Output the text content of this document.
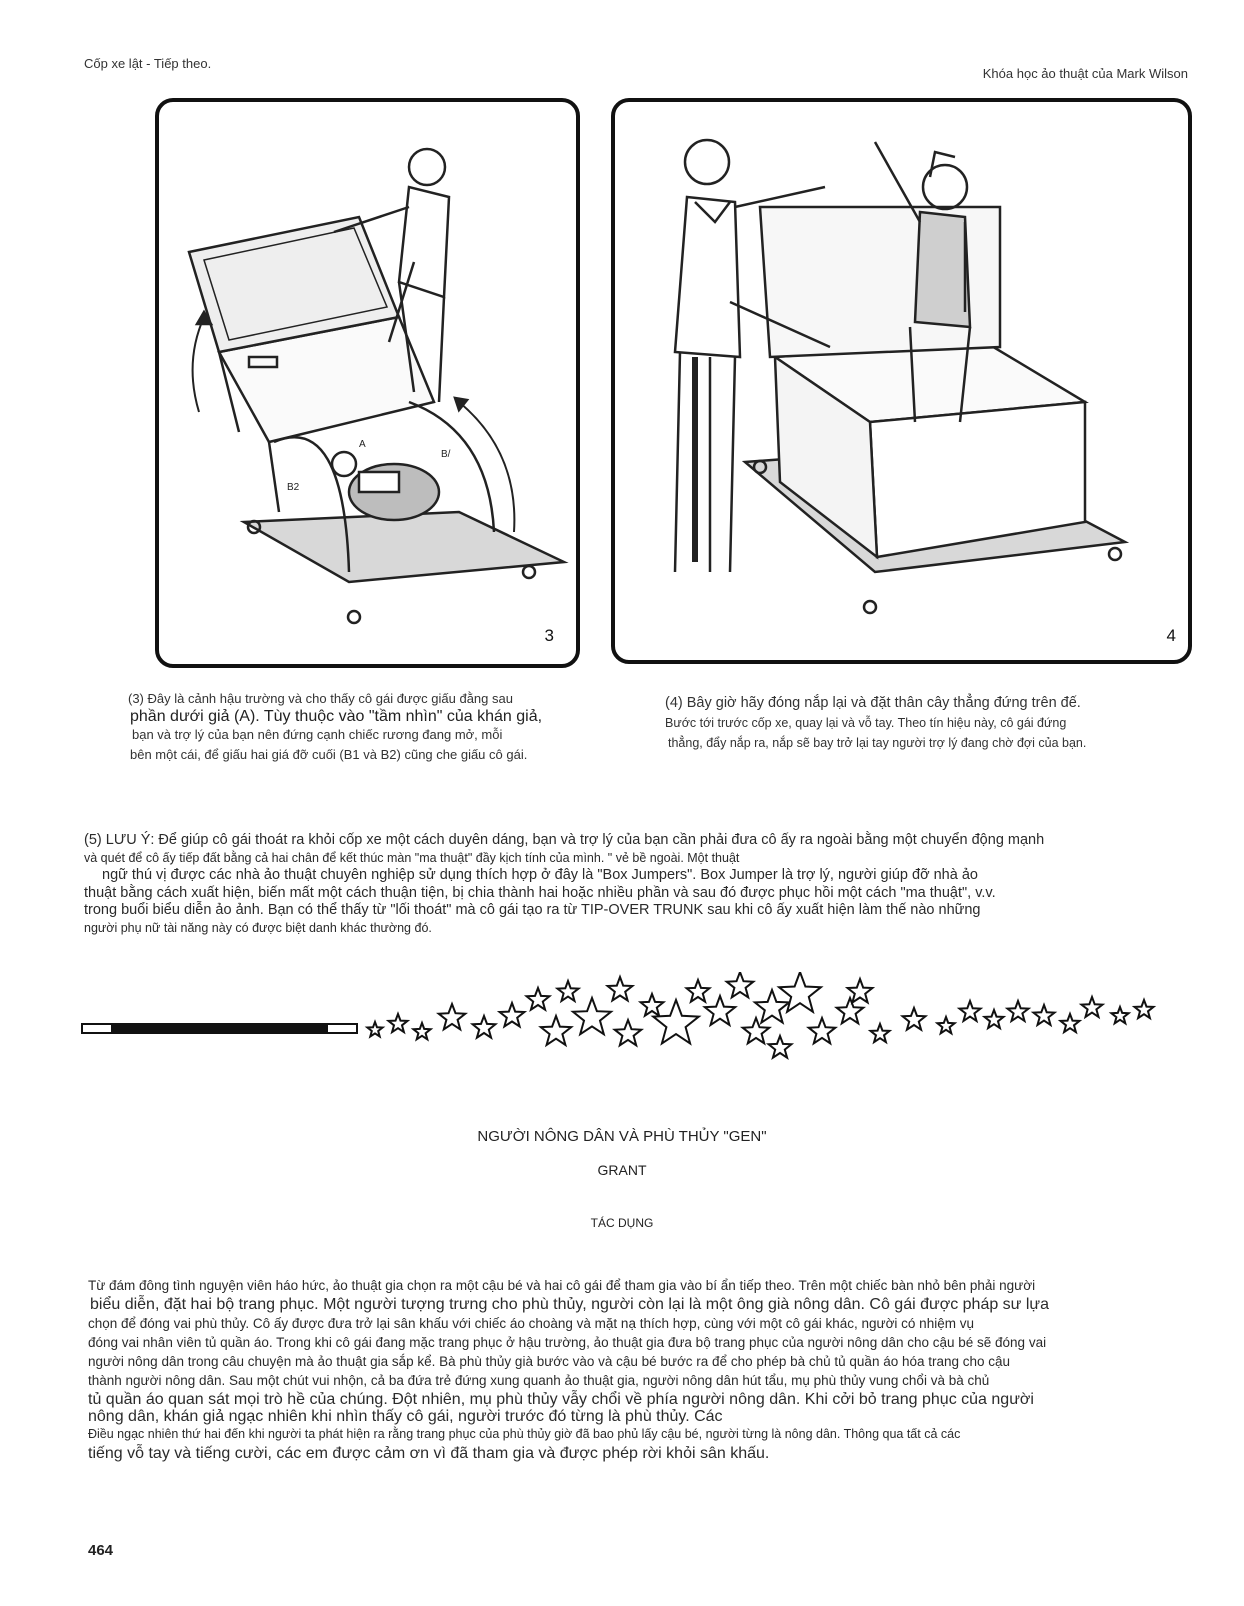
Cốp xe lật - Tiếp theo.
Khóa học ảo thuật của Mark Wilson
A
B/
B2
3	4
(3) Đây là cảnh hậu trường và cho thấy cô gái được giấu đằng sau
phần dưới giả (A). Tùy thuộc vào "tầm nhìn" của khán giả,
bạn và trợ lý của bạn nên đứng cạnh chiếc rương đang mở, mỗi
bên một cái, để giấu hai giá đỡ cuối (B1 và B2) cũng che giấu cô gái.
(4) Bây giờ hãy đóng nắp lại và đặt thân cây thẳng đứng trên đế.
Bước tới trước cốp xe, quay lại và vỗ tay. Theo tín hiệu này, cô gái đứng
thẳng, đẩy nắp ra, nắp sẽ bay trở lại tay người trợ lý đang chờ đợi của bạn.
(5) LƯU Ý: Để giúp cô gái thoát ra khỏi cốp xe một cách duyên dáng, bạn và trợ lý của bạn cần phải đưa cô ấy ra ngoài bằng một chuyển động mạnh
và quét để cô ấy tiếp đất bằng cả hai chân để kết thúc màn "ma thuật" đầy kịch tính của mình. " vẻ bề ngoài. Một thuật
ngữ thú vị được các nhà ảo thuật chuyên nghiệp sử dụng thích hợp ở đây là "Box Jumpers". Box Jumper là trợ lý, người giúp đỡ nhà ảo
thuật bằng cách xuất hiện, biến mất một cách thuận tiện, bị chia thành hai hoặc nhiều phần và sau đó được phục hồi một cách "ma thuật", v.v.
trong buổi biểu diễn ảo ảnh. Bạn có thể thấy từ "lối thoát" mà cô gái tạo ra từ TIP-OVER TRUNK sau khi cô ấy xuất hiện làm thế nào những
người phụ nữ tài năng này có được biệt danh khác thường đó.
NGƯỜI NÔNG DÂN VÀ PHÙ THỦY "GEN"
GRANT
TÁC DỤNG
Từ đám đông tình nguyện viên háo hức, ảo thuật gia chọn ra một cậu bé và hai cô gái để tham gia vào bí ẩn tiếp theo. Trên một chiếc bàn nhỏ bên phải người
biểu diễn, đặt hai bộ trang phục. Một người tượng trưng cho phù thủy, người còn lại là một ông già nông dân. Cô gái được pháp sư lựa
chọn để đóng vai phù thủy. Cô ấy được đưa trở lại sân khấu với chiếc áo choàng và mặt nạ thích hợp, cùng với một cô gái khác, người có nhiệm vụ
đóng vai nhân viên tủ quần áo. Trong khi cô gái đang mặc trang phục ở hậu trường, ảo thuật gia đưa bộ trang phục của người nông dân cho cậu bé sẽ đóng vai
người nông dân trong câu chuyện mà ảo thuật gia sắp kể. Bà phù thủy già bước vào và cậu bé bước ra để cho phép bà chủ tủ quần áo hóa trang cho cậu
thành người nông dân. Sau một chút vui nhộn, cả ba đứa trẻ đứng xung quanh ảo thuật gia, người nông dân hút tẩu, mụ phù thủy vung chổi và bà chủ
tủ quần áo quan sát mọi trò hề của chúng. Đột nhiên, mụ phù thủy vẫy chổi về phía người nông dân. Khi cởi bỏ trang phục của người
nông dân, khán giả ngạc nhiên khi nhìn thấy cô gái, người trước đó từng là phù thủy. Các
Điều ngạc nhiên thứ hai đến khi người ta phát hiện ra rằng trang phục của phù thủy giờ đã bao phủ lấy cậu bé, người từng là nông dân. Thông qua tất cả các
tiếng vỗ tay và tiếng cười, các em được cảm ơn vì đã tham gia và được phép rời khỏi sân khấu.
464
